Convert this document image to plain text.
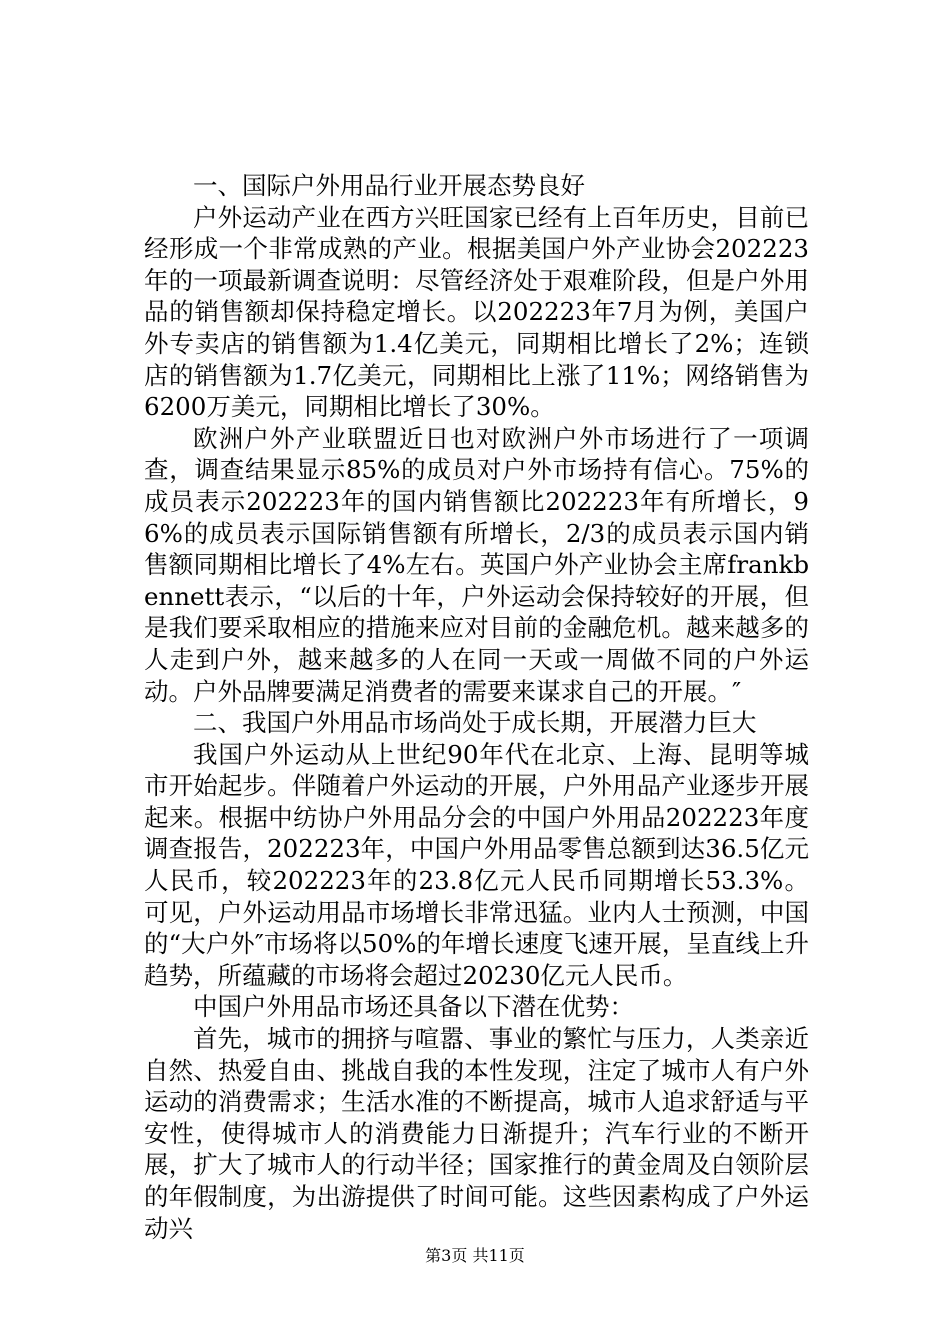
一、国际户外用品行业开展态势良好

户外运动产业在西方兴旺国家已经有上百年历史，目前已经形成一个非常成熟的产业。根据美国户外产业协会202223年的一项最新调查说明：尽管经济处于艰难阶段，但是户外用品的销售额却保持稳定增长。以202223年7月为例，美国户外专卖店的销售额为1.4亿美元，同期相比增长了2%；连锁店的销售额为1.7亿美元，同期相比上涨了11%；网络销售为6200万美元，同期相比增长了30%。

欧洲户外产业联盟近日也对欧洲户外市场进行了一项调查，调查结果显示85%的成员对户外市场持有信心。75%的成员表示202223年的国内销售额比202223年有所增长，96%的成员表示国际销售额有所增长，2/3的成员表示国内销售额同期相比增长了4%左右。英国户外产业协会主席frankbennett表示，“以后的十年，户外运动会保持较好的开展，但是我们要采取相应的措施来应对目前的金融危机。越来越多的人走到户外，越来越多的人在同一天或一周做不同的户外运动。户外品牌要满足消费者的需要来谋求自己的开展。″

二、我国户外用品市场尚处于成长期，开展潜力巨大

我国户外运动从上世纪90年代在北京、上海、昆明等城市开始起步。伴随着户外运动的开展，户外用品产业逐步开展起来。根据中纺协户外用品分会的中国户外用品202223年度调查报告，202223年，中国户外用品零售总额到达36.5亿元人民币，较202223年的23.8亿元人民币同期增长53.3%。可见，户外运动用品市场增长非常迅猛。业内人士预测，中国的“大户外″市场将以50%的年增长速度飞速开展，呈直线上升趋势，所蕴藏的市场将会超过20230亿元人民币。

中国户外用品市场还具备以下潜在优势：

首先，城市的拥挤与喧嚣、事业的繁忙与压力，人类亲近自然、热爱自由、挑战自我的本性发现，注定了城市人有户外运动的消费需求；生活水准的不断提高，城市人追求舒适与平安性，使得城市人的消费能力日渐提升；汽车行业的不断开展，扩大了城市人的行动半径；国家推行的黄金周及白领阶层的年假制度，为出游提供了时间可能。这些因素构成了户外运动兴

第3页 共11页
